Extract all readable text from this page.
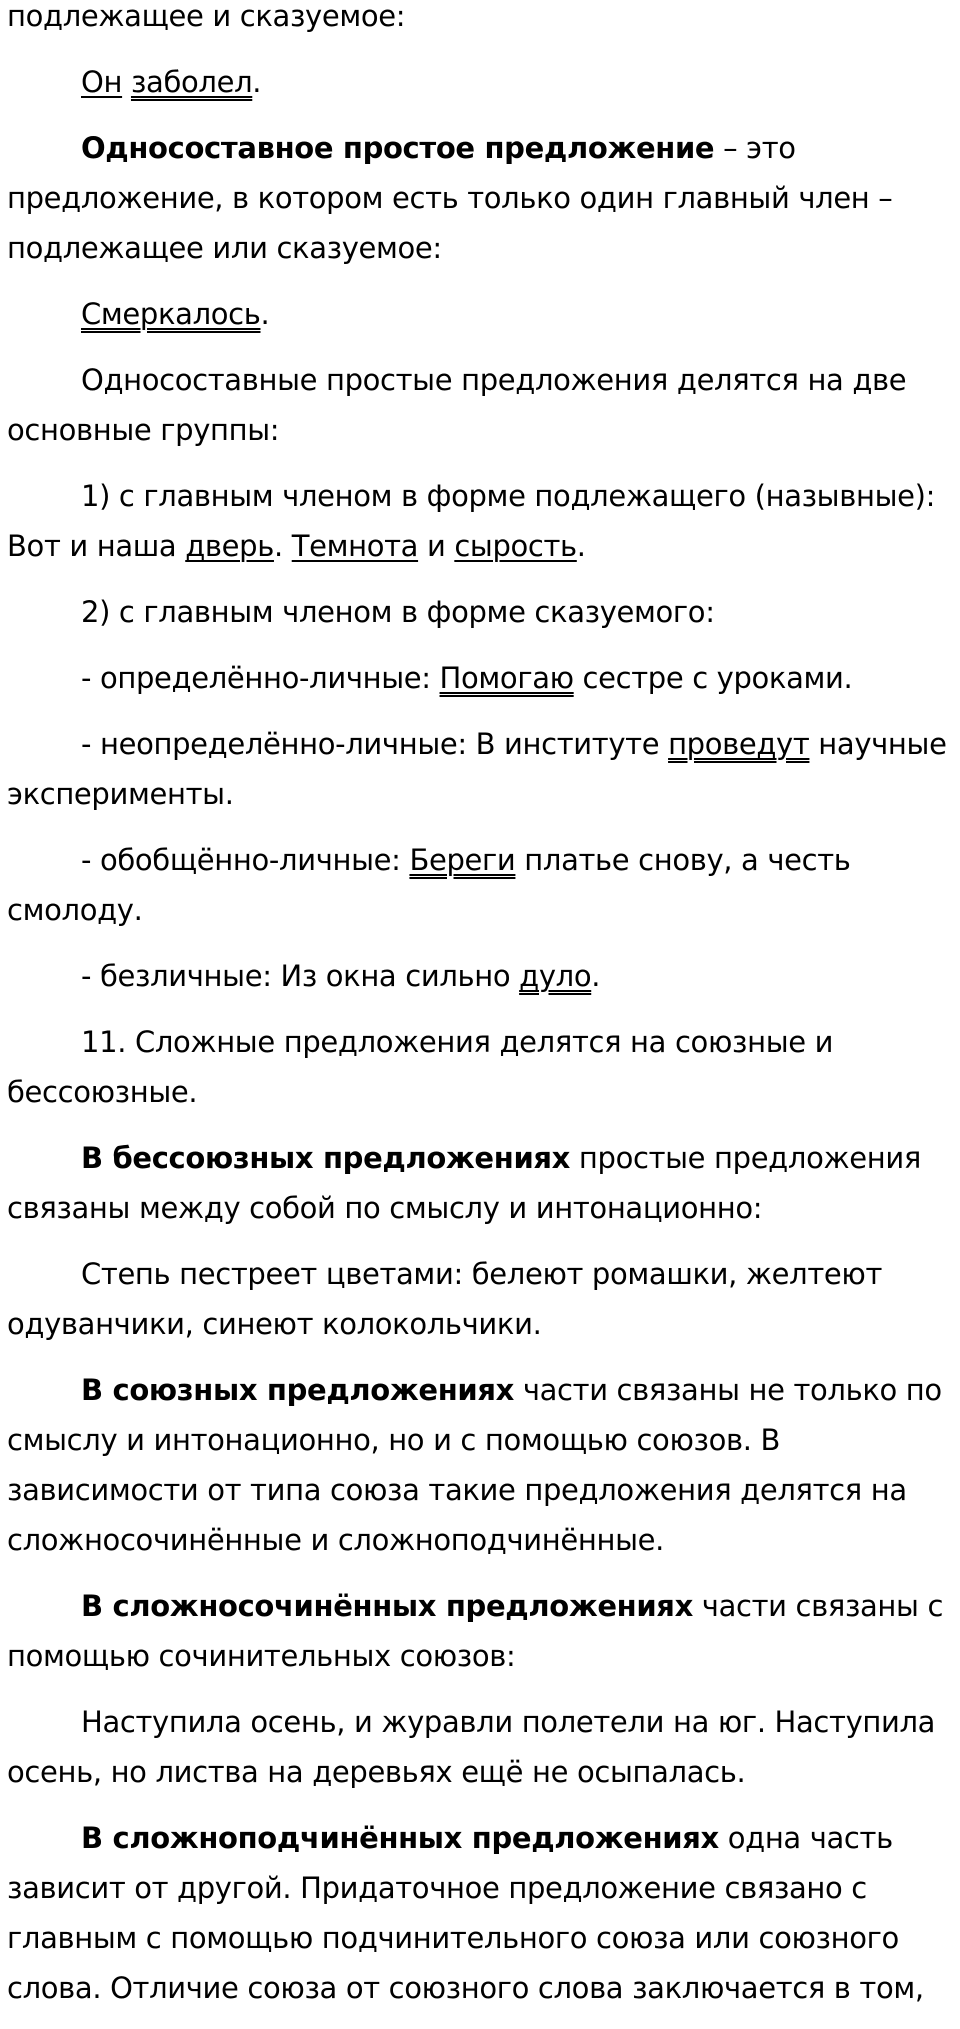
подлежащее и сказуемое:

Он заболел.

Односоставное простое предложение – это предложение, в котором есть только один главный член – подлежащее или сказуемое:

Смеркалось.

Односоставные простые предложения делятся на две основные группы:

1) с главным членом в форме подлежащего (назывные): Вот и наша дверь. Темнота и сырость.

2) с главным членом в форме сказуемого:

- определённо-личные: Помогаю сестре с уроками.

- неопределённо-личные: В институте проведут научные эксперименты.

- обобщённо-личные: Береги платье снову, а честь смолоду.

- безличные: Из окна сильно дуло.

11. Сложные предложения делятся на союзные и бессоюзные.

В бессоюзных предложениях простые предложения связаны между собой по смыслу и интонационно:

Степь пестреет цветами: белеют ромашки, желтеют одуванчики, синеют колокольчики.

В союзных предложениях части связаны не только по смыслу и интонационно, но и с помощью союзов. В зависимости от типа союза такие предложения делятся на сложносочинённые и сложноподчинённые.

В сложносочинённых предложениях части связаны с помощью сочинительных союзов:

Наступила осень, и журавли полетели на юг. Наступила осень, но листва на деревьях ещё не осыпалась.

В сложноподчинённых предложениях одна часть зависит от другой. Придаточное предложение связано с главным с помощью подчинительного союза или союзного слова. Отличие союза от союзного слова заключается в том,
